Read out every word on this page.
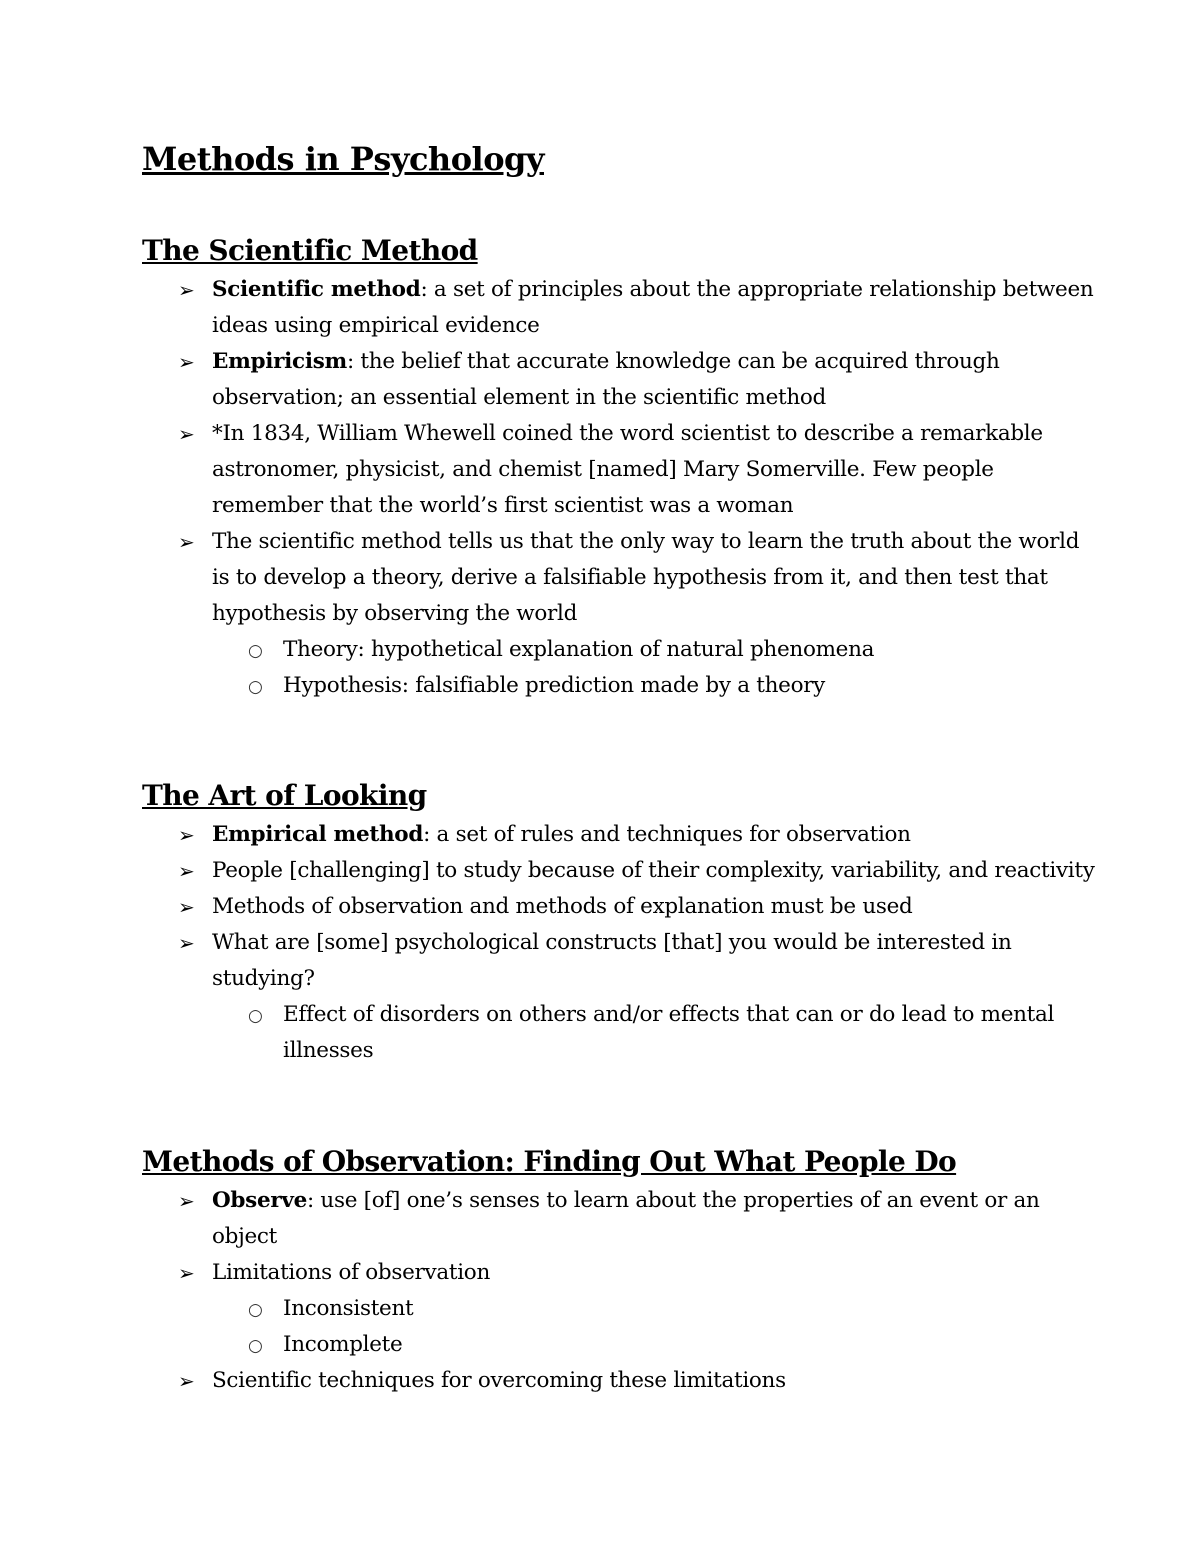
Methods in Psychology
The Scientific Method
➢ Scientific method: a set of principles about the appropriate relationship between ideas using empirical evidence
➢ Empiricism: the belief that accurate knowledge can be acquired through observation; an essential element in the scientific method
➢ *In 1834, William Whewell coined the word scientist to describe a remarkable astronomer, physicist, and chemist [named] Mary Somerville. Few people remember that the world’s first scientist was a woman
➢ The scientific method tells us that the only way to learn the truth about the world is to develop a theory, derive a falsifiable hypothesis from it, and then test that hypothesis by observing the world
○ Theory: hypothetical explanation of natural phenomena
○ Hypothesis: falsifiable prediction made by a theory
The Art of Looking
➢ Empirical method: a set of rules and techniques for observation
➢ People [challenging] to study because of their complexity, variability, and reactivity
➢ Methods of observation and methods of explanation must be used
➢ What are [some] psychological constructs [that] you would be interested in studying?
○ Effect of disorders on others and/or effects that can or do lead to mental illnesses
Methods of Observation: Finding Out What People Do
➢ Observe: use [of] one’s senses to learn about the properties of an event or an object
➢ Limitations of observation
○ Inconsistent
○ Incomplete
➢ Scientific techniques for overcoming these limitations
